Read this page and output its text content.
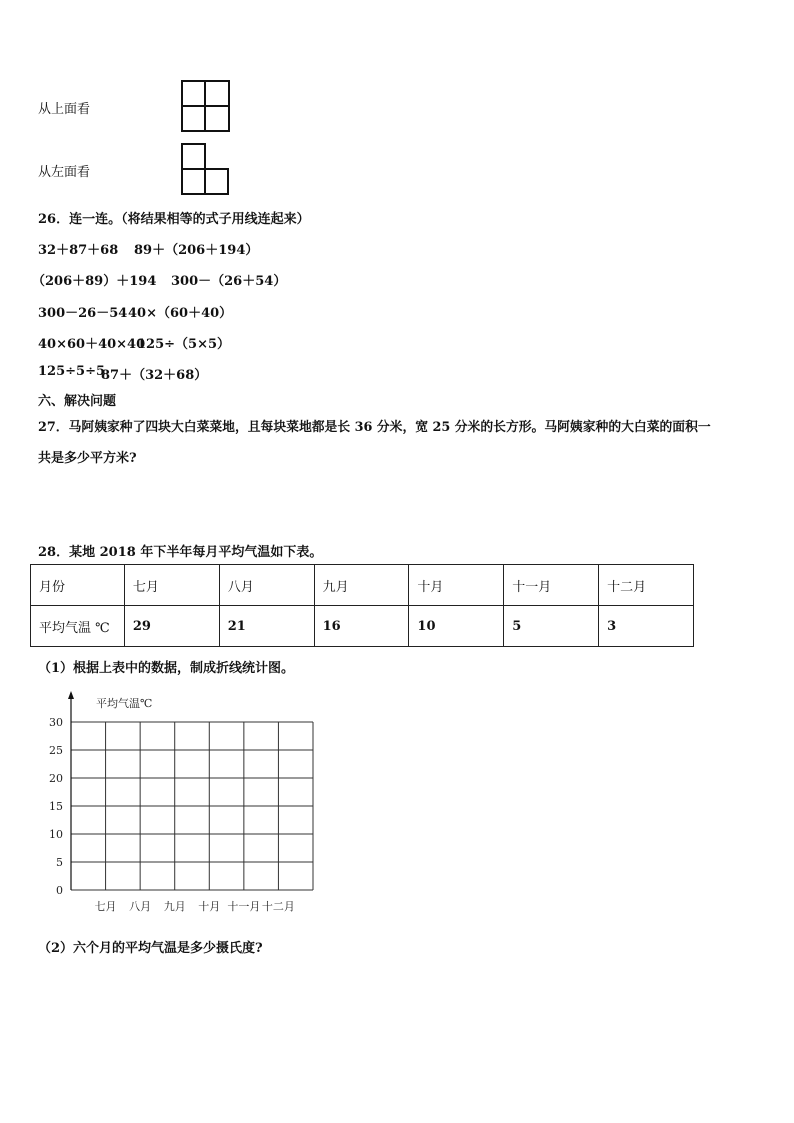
从上面看
从左面看
26．连一连。（将结果相等的式子用线连起来）
32＋87＋68 89＋（206＋194）
（206＋89）＋194 300－（26＋54）
300－26－54 40×（60＋40）
40×60＋40×40
125÷（5×5）
125÷5÷5
87＋（32＋68）
六、解决问题
27．马阿姨家种了四块大白菜菜地，且每块菜地都是长 36 分米，宽 25 分米的长方形。马阿姨家种的大白菜的面积一
共是多少平方米?
28．某地 2018 年下半年每月平均气温如下表。
月份	七月	八月	九月	十月	十一月	十二月
平均气温 ℃	29	21	16	10	5	3
（1）根据上表中的数据，制成折线统计图。
平均气温℃
0
5
10
15
20
25
30
七月 八月 九月 十月 十一月 十二月
（2）六个月的平均气温是多少摄氏度?
